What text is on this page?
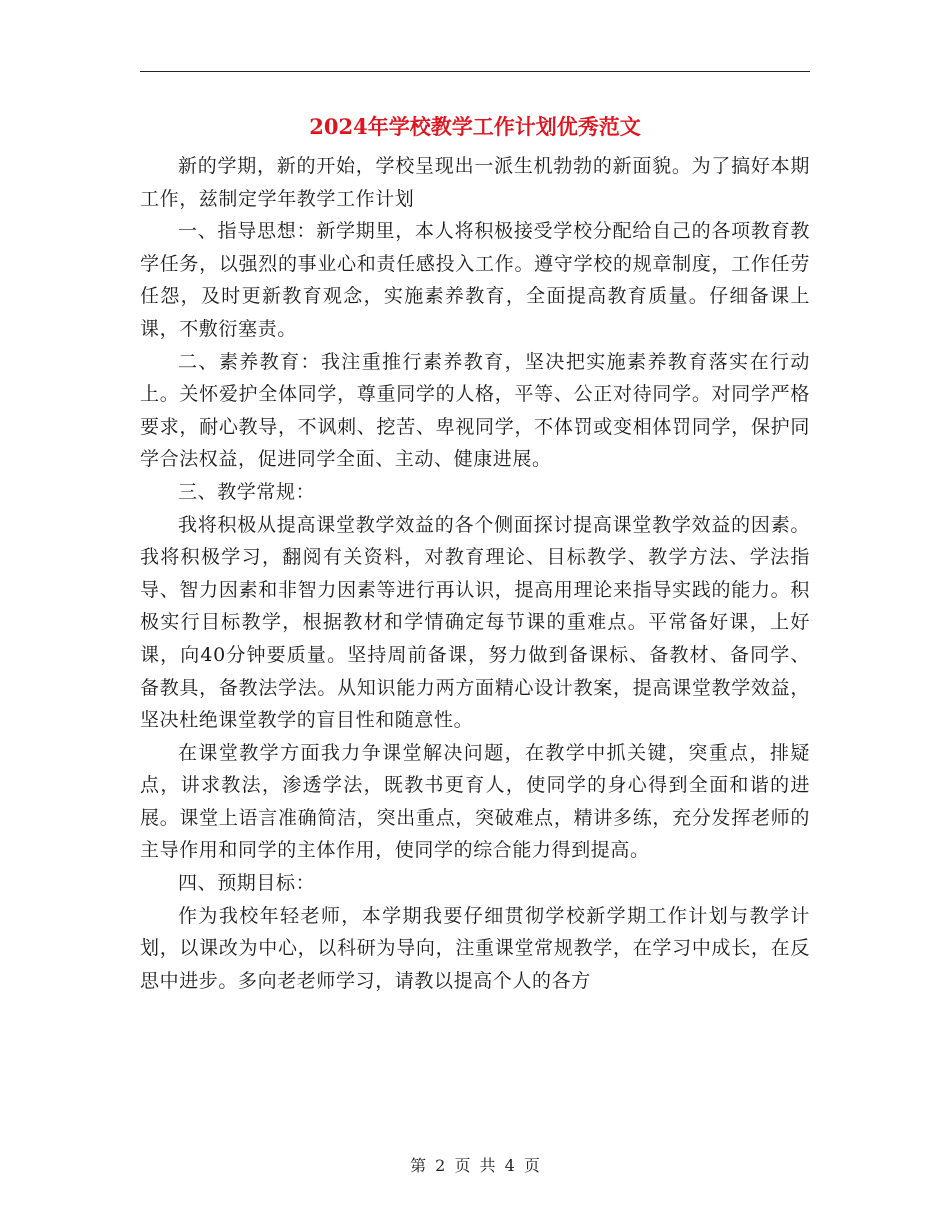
2024年学校教学工作计划优秀范文

新的学期，新的开始，学校呈现出一派生机勃勃的新面貌。为了搞好本期工作，兹制定学年教学工作计划

一、指导思想：新学期里，本人将积极接受学校分配给自己的各项教育教学任务，以强烈的事业心和责任感投入工作。遵守学校的规章制度，工作任劳任怨，及时更新教育观念，实施素养教育，全面提高教育质量。仔细备课上课，不敷衍塞责。

二、素养教育：我注重推行素养教育，坚决把实施素养教育落实在行动上。关怀爱护全体同学，尊重同学的人格，平等、公正对待同学。对同学严格要求，耐心教导，不讽刺、挖苦、卑视同学，不体罚或变相体罚同学，保护同学合法权益，促进同学全面、主动、健康进展。

三、教学常规：

我将积极从提高课堂教学效益的各个侧面探讨提高课堂教学效益的因素。我将积极学习，翻阅有关资料，对教育理论、目标教学、教学方法、学法指导、智力因素和非智力因素等进行再认识，提高用理论来指导实践的能力。积极实行目标教学，根据教材和学情确定每节课的重难点。平常备好课，上好课，向40分钟要质量。坚持周前备课，努力做到备课标、备教材、备同学、备教具，备教法学法。从知识能力两方面精心设计教案，提高课堂教学效益，坚决杜绝课堂教学的盲目性和随意性。

在课堂教学方面我力争课堂解决问题，在教学中抓关键，突重点，排疑点，讲求教法，渗透学法，既教书更育人，使同学的身心得到全面和谐的进展。课堂上语言准确简洁，突出重点，突破难点，精讲多练，充分发挥老师的主导作用和同学的主体作用，使同学的综合能力得到提高。

四、预期目标：

作为我校年轻老师，本学期我要仔细贯彻学校新学期工作计划与教学计划，以课改为中心，以科研为导向，注重课堂常规教学，在学习中成长，在反思中进步。多向老老师学习，请教以提高个人的各方

第 2 页 共 4 页
